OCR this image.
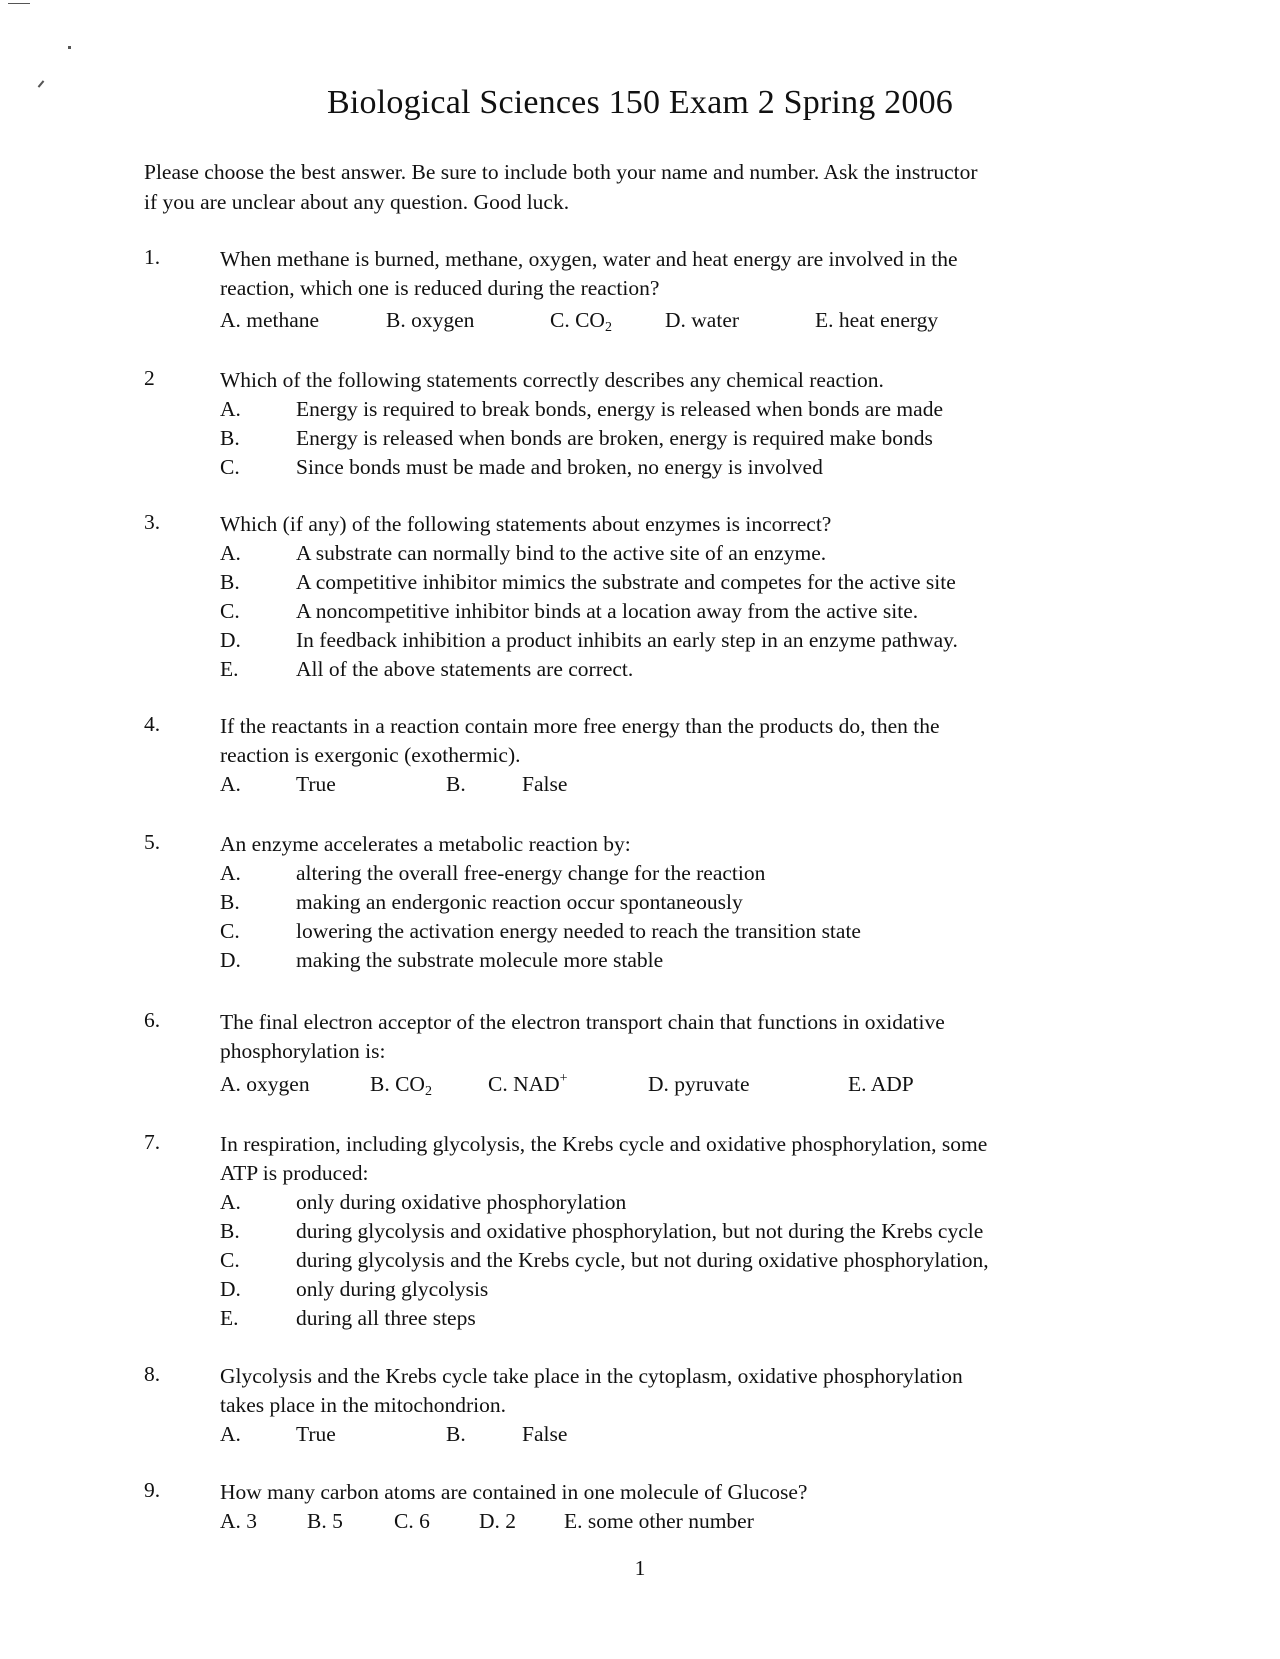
Biological Sciences 150 Exam 2 Spring 2006
Please choose the best answer. Be sure to include both your name and number. Ask the instructor
if you are unclear about any question. Good luck.
1.	When methane is burned, methane, oxygen, water and heat energy are involved in the
reaction, which one is reduced during the reaction?
A. methane	B. oxygen	C. $CO_2$ D. water	E. heat energy
2	Which of the following statements correctly describes any chemical reaction.
A.	Energy is required to break bonds, energy is released when bonds are made
B.	Energy is released when bonds are broken, energy is required make bonds
C.	Since bonds must be made and broken, no energy is involved
3.	Which (if any) of the following statements about enzymes is incorrect?
A.	A substrate can normally bind to the active site of an enzyme.
B.	A competitive inhibitor mimics the substrate and competes for the active site
C.	A noncompetitive inhibitor binds at a location away from the active site.
D.	In feedback inhibition a product inhibits an early step in an enzyme pathway.
E.	All of the above statements are correct.
4.	If the reactants in a reaction contain more free energy than the products do, then the
reaction is exergonic (exothermic).
A.	True	B.	False
5.	An enzyme accelerates a metabolic reaction by:
A.	altering the overall free-energy change for the reaction
B.	making an endergonic reaction occur spontaneously
C.	lowering the activation energy needed to reach the transition state
D.	making the substrate molecule more stable
6.	The final electron acceptor of the electron transport chain that functions in oxidative
phosphorylation is:
A. oxygen	B. $CO_2$	C. NAD+	D. pyruvate	E. ADP
7.	In respiration, including glycolysis, the Krebs cycle and oxidative phosphorylation, some
ATP is produced:
A.	only during oxidative phosphorylation
B.	during glycolysis and oxidative phosphorylation, but not during the Krebs cycle
C.	during glycolysis and the Krebs cycle, but not during oxidative phosphorylation,
D.	only during glycolysis
E.	during all three steps
8.	Glycolysis and the Krebs cycle take place in the cytoplasm, oxidative phosphorylation
takes place in the mitochondrion.
A.	True	B.	False
9.	How many carbon atoms are contained in one molecule of Glucose?
A. 3 B. 5 C. 6 D. 2 E. some other number
1
